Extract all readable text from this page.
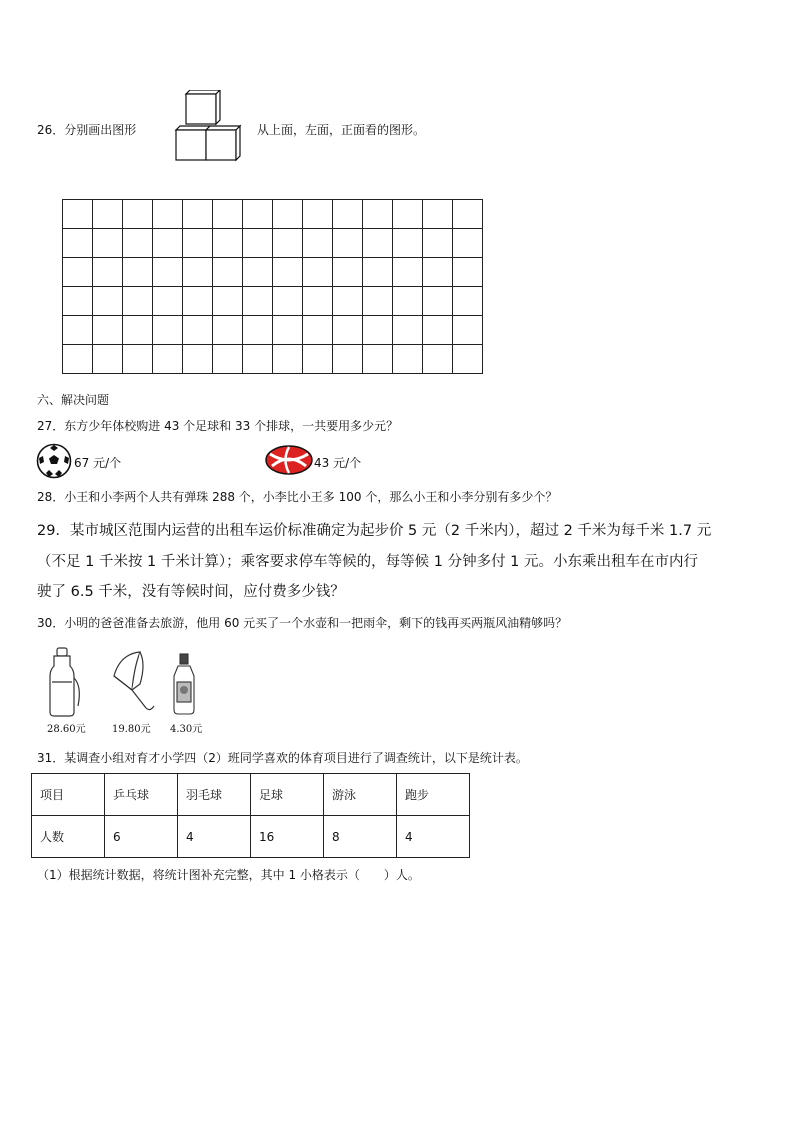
26．分别画出图形	从上面，左面，正面看的图形。

六、解决问题
27．东方少年体校购进 43 个足球和 33 个排球，一共要用多少元？
67 元/个	43 元/个
28．小王和小李两个人共有弹珠 288 个，小李比小王多 100 个，那么小王和小李分别有多少个？
29．某市城区范围内运营的出租车运价标准确定为起步价 5 元（2 千米内），超过 2 千米为每千米 1.7 元
（不足 1 千米按 1 千米计算）；乘客要求停车等候的，每等候 1 分钟多付 1 元。小东乘出租车在市内行
驶了 6.5 千米，没有等候时间，应付费多少钱？
30．小明的爸爸准备去旅游，他用 60 元买了一个水壶和一把雨伞，剩下的钱再买两瓶风油精够吗？
28.60元	19.80元 4.30元
31．某调查小组对育才小学四（2）班同学喜欢的体育项目进行了调查统计，以下是统计表。
项目	乒乓球	羽毛球	足球	游泳	跑步
人数	6	4	16	8	4
（1）根据统计数据，将统计图补充完整，其中 1 小格表示（　　）人。
